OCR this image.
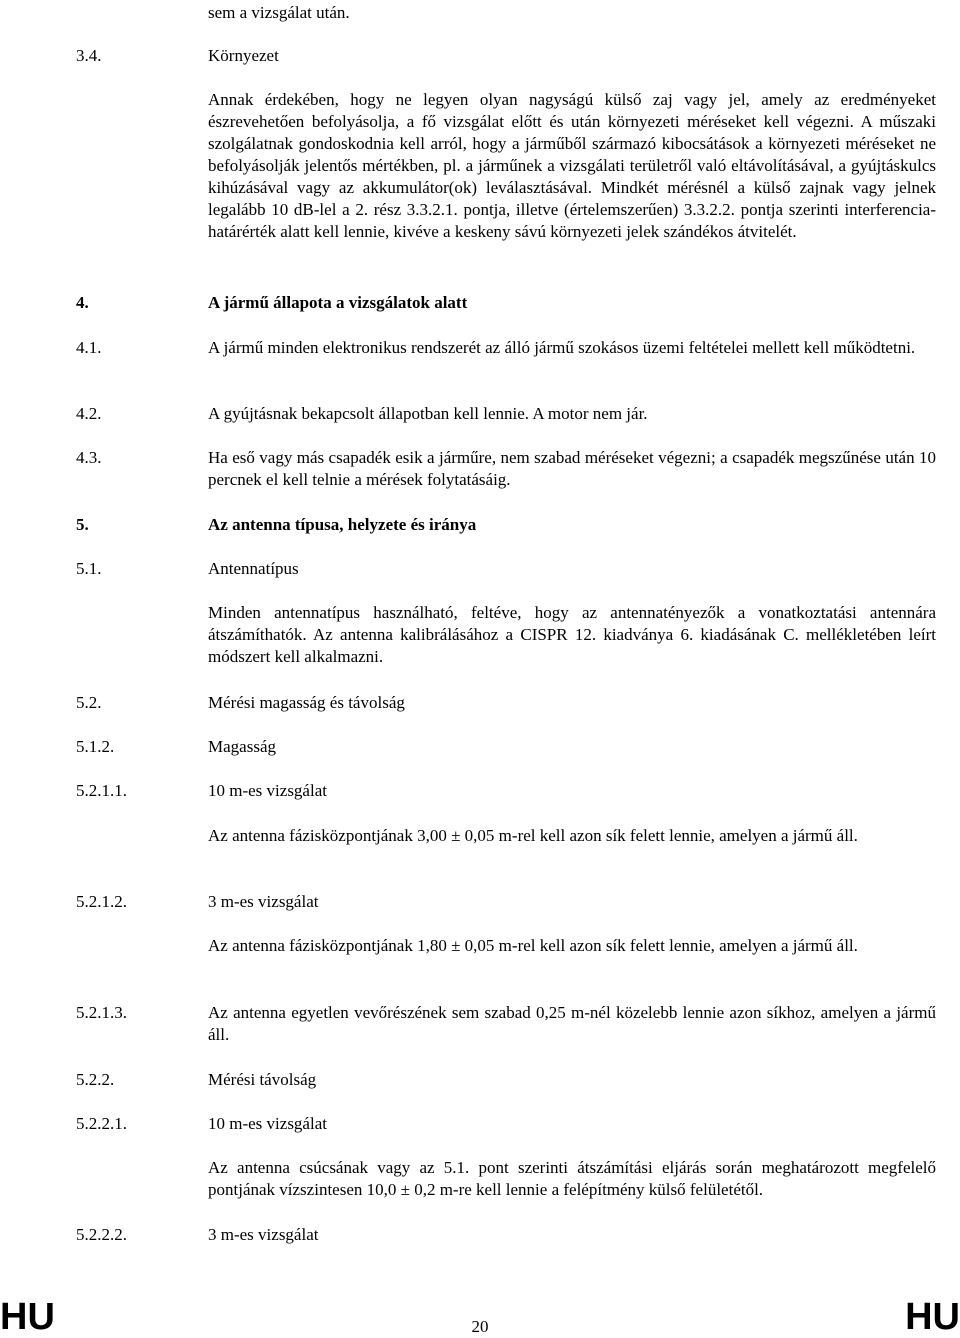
sem a vizsgálat után.
3.4.	Környezet
Annak érdekében, hogy ne legyen olyan nagyságú külső zaj vagy jel, amely az eredményeket észrevehetően befolyásolja, a fő vizsgálat előtt és után környezeti méréseket kell végezni. A műszaki szolgálatnak gondoskodnia kell arról, hogy a járműből származó kibocsátások a környezeti méréseket ne befolyásolják jelentős mértékben, pl. a járműnek a vizsgálati területről való eltávolításával, a gyújtáskulcs kihúzásával vagy az akkumulátor(ok) leválasztásával. Mindkét mérésnél a külső zajnak vagy jelnek legalább 10 dB-lel a 2. rész 3.3.2.1. pontja, illetve (értelemszerűen) 3.3.2.2. pontja szerinti interferencia-határérték alatt kell lennie, kivéve a keskeny sávú környezeti jelek szándékos átvitelét.
4.	A jármű állapota a vizsgálatok alatt
4.1.	A jármű minden elektronikus rendszerét az álló jármű szokásos üzemi feltételei mellett kell működtetni.
4.2.	A gyújtásnak bekapcsolt állapotban kell lennie. A motor nem jár.
4.3.	Ha eső vagy más csapadék esik a járműre, nem szabad méréseket végezni; a csapadék megszűnése után 10 percnek el kell telnie a mérések folytatásáig.
5.	Az antenna típusa, helyzete és iránya
5.1.	Antennatípus
Minden antennatípus használható, feltéve, hogy az antennatényezők a vonatkoztatási antennára átszámíthatók. Az antenna kalibrálásához a CISPR 12. kiadványa 6. kiadásának C. mellékletében leírt módszert kell alkalmazni.
5.2.	Mérési magasság és távolság
5.1.2.	Magasság
5.2.1.1.	10 m-es vizsgálat
Az antenna fázisközpontjának 3,00 ± 0,05 m-rel kell azon sík felett lennie, amelyen a jármű áll.
5.2.1.2.	3 m-es vizsgálat
Az antenna fázisközpontjának 1,80 ± 0,05 m-rel kell azon sík felett lennie, amelyen a jármű áll.
5.2.1.3.	Az antenna egyetlen vevőrészének sem szabad 0,25 m-nél közelebb lennie azon síkhoz, amelyen a jármű áll.
5.2.2.	Mérési távolság
5.2.2.1.	10 m-es vizsgálat
Az antenna csúcsának vagy az 5.1. pont szerinti átszámítási eljárás során meghatározott megfelelő pontjának vízszintesen 10,0 ± 0,2 m-re kell lennie a felépítmény külső felületétől.
5.2.2.2.	3 m-es vizsgálat
HU	HU
20
